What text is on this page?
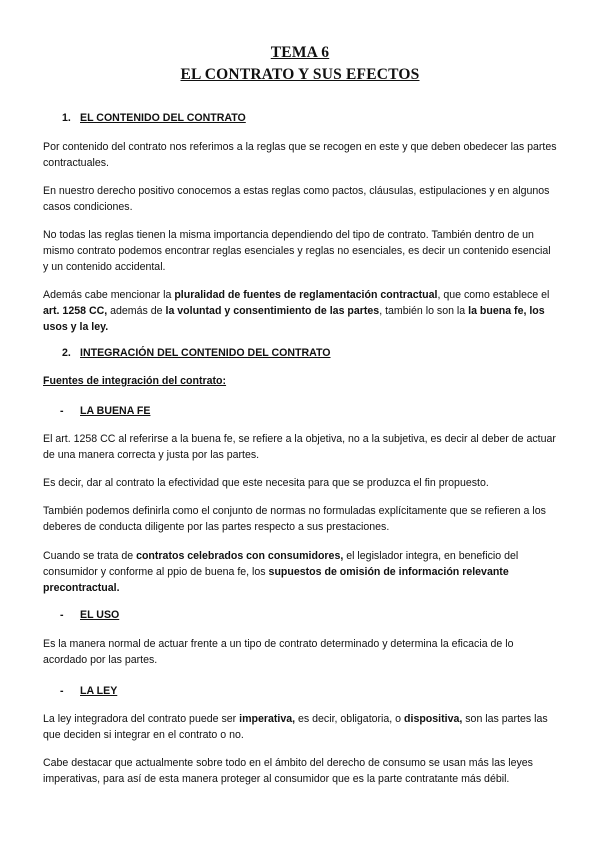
TEMA 6
EL CONTRATO Y SUS EFECTOS
1. EL CONTENIDO DEL CONTRATO

Por contenido del contrato nos referimos a la reglas que se recogen en este y que deben obedecer las partes contractuales.

En nuestro derecho positivo conocemos a estas reglas como pactos, cláusulas, estipulaciones y en algunos casos condiciones.

No todas las reglas tienen la misma importancia dependiendo del tipo de contrato. También dentro de un mismo contrato podemos encontrar reglas esenciales y reglas no esenciales, es decir un contenido esencial y un contenido accidental.

Además cabe mencionar la pluralidad de fuentes de reglamentación contractual, que como establece el art. 1258 CC, además de la voluntad y consentimiento de las partes, también lo son la la buena fe, los usos y la ley.

2. INTEGRACIÓN DEL CONTENIDO DEL CONTRATO
Fuentes de integración del contrato:
- LA BUENA FE

El art. 1258 CC al referirse a la buena fe, se refiere a la objetiva, no a la subjetiva, es decir al deber de actuar de una manera correcta y justa por las partes.

Es decir, dar al contrato la efectividad que este necesita para que se produzca el fin propuesto.

También podemos definirla como el conjunto de normas no formuladas explícitamente que se refieren a los deberes de conducta diligente por las partes respecto a sus prestaciones.

Cuando se trata de contratos celebrados con consumidores, el legislador integra, en beneficio del consumidor y conforme al ppio de buena fe, los supuestos de omisión de información relevante precontractual.

- EL USO

Es la manera normal de actuar frente a un tipo de contrato determinado y determina la eficacia de lo acordado por las partes.

- LA LEY

La ley integradora del contrato puede ser imperativa, es decir, obligatoria, o dispositiva, son las partes las que deciden si integrar en el contrato o no.

Cabe destacar que actualmente sobre todo en el ámbito del derecho de consumo se usan más las leyes imperativas, para así de esta manera proteger al consumidor que es la parte contratante más débil.
